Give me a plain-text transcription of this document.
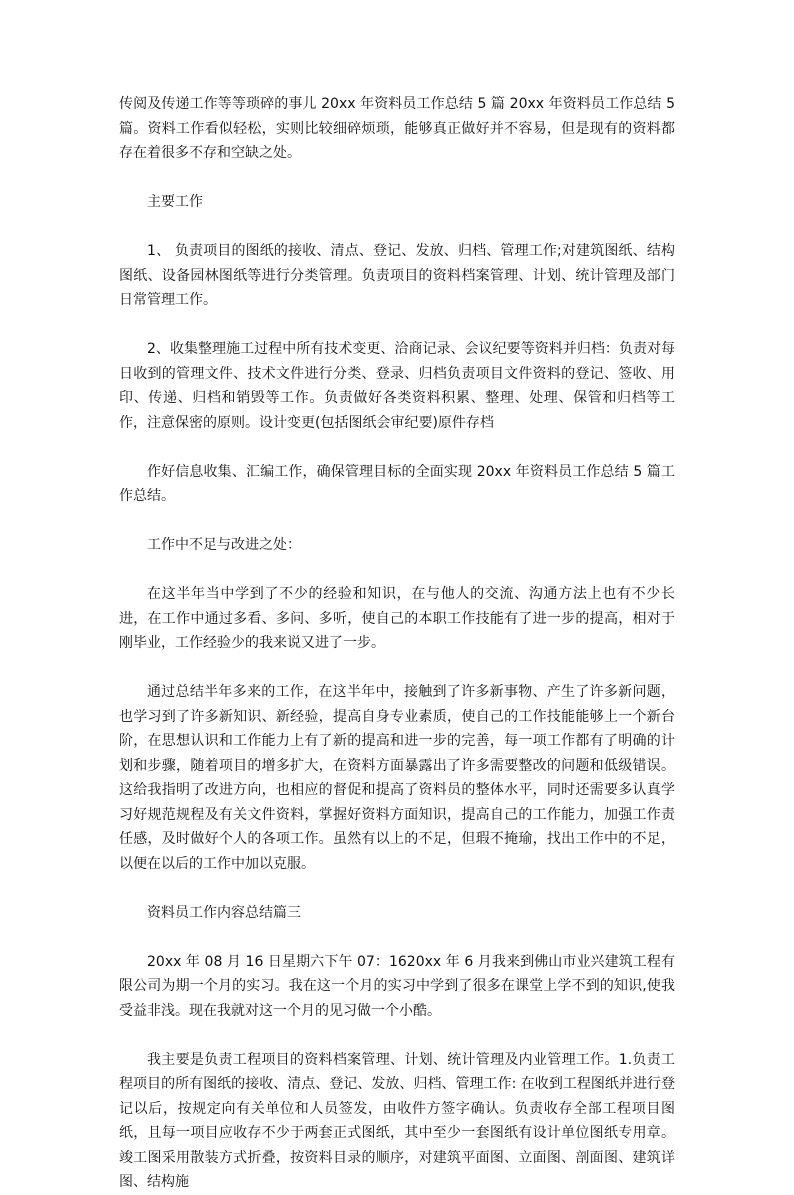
传阅及传递工作等等琐碎的事儿 20xx 年资料员工作总结 5 篇 20xx 年资料员工作总结 5 篇。资料工作看似轻松，实则比较细碎烦琐，能够真正做好并不容易，但是现有的资料都存在着很多不存和空缺之处。

主要工作

1、 负责项目的图纸的接收、清点、登记、发放、归档、管理工作;对建筑图纸、结构图纸、设备园林图纸等进行分类管理。负责项目的资料档案管理、计划、统计管理及部门日常管理工作。

2、收集整理施工过程中所有技术变更、洽商记录、会议纪要等资料并归档：负责对每日收到的管理文件、技术文件进行分类、登录、归档负责项目文件资料的登记、签收、用印、传递、归档和销毁等工作。负责做好各类资料积累、整理、处理、保管和归档等工作，注意保密的原则。设计变更(包括图纸会审纪要)原件存档

作好信息收集、汇编工作，确保管理目标的全面实现 20xx 年资料员工作总结 5 篇工作总结。

工作中不足与改进之处：

在这半年当中学到了不少的经验和知识，在与他人的交流、沟通方法上也有不少长进，在工作中通过多看、多问、多听，使自己的本职工作技能有了进一步的提高，相对于刚毕业，工作经验少的我来说又进了一步。

通过总结半年多来的工作，在这半年中，接触到了许多新事物、产生了许多新问题，也学习到了许多新知识、新经验，提高自身专业素质，使自己的工作技能能够上一个新台阶，在思想认识和工作能力上有了新的提高和进一步的完善，每一项工作都有了明确的计划和步骤，随着项目的增多扩大，在资料方面暴露出了许多需要整改的问题和低级错误。这给我指明了改进方向，也相应的督促和提高了资料员的整体水平，同时还需要多认真学习好规范规程及有关文件资料，掌握好资料方面知识，提高自己的工作能力，加强工作责任感，及时做好个人的各项工作。虽然有以上的不足，但瑕不掩瑜，找出工作中的不足，以便在以后的工作中加以克服。

资料员工作内容总结篇三

20xx 年 08 月 16 日星期六下午 07：1620xx 年 6 月我来到佛山市业兴建筑工程有限公司为期一个月的实习。我在这一个月的实习中学到了很多在课堂上学不到的知识,使我受益非浅。现在我就对这一个月的见习做一个小酷。

我主要是负责工程项目的资料档案管理、计划、统计管理及内业管理工作。1.负责工程项目的所有图纸的接收、清点、登记、发放、归档、管理工作: 在收到工程图纸并进行登记以后，按规定向有关单位和人员签发，由收件方签字确认。负责收存全部工程项目图纸，且每一项目应收存不少于两套正式图纸，其中至少一套图纸有设计单位图纸专用章。竣工图采用散装方式折叠，按资料目录的顺序，对建筑平面图、立面图、剖面图、建筑详图、结构施
